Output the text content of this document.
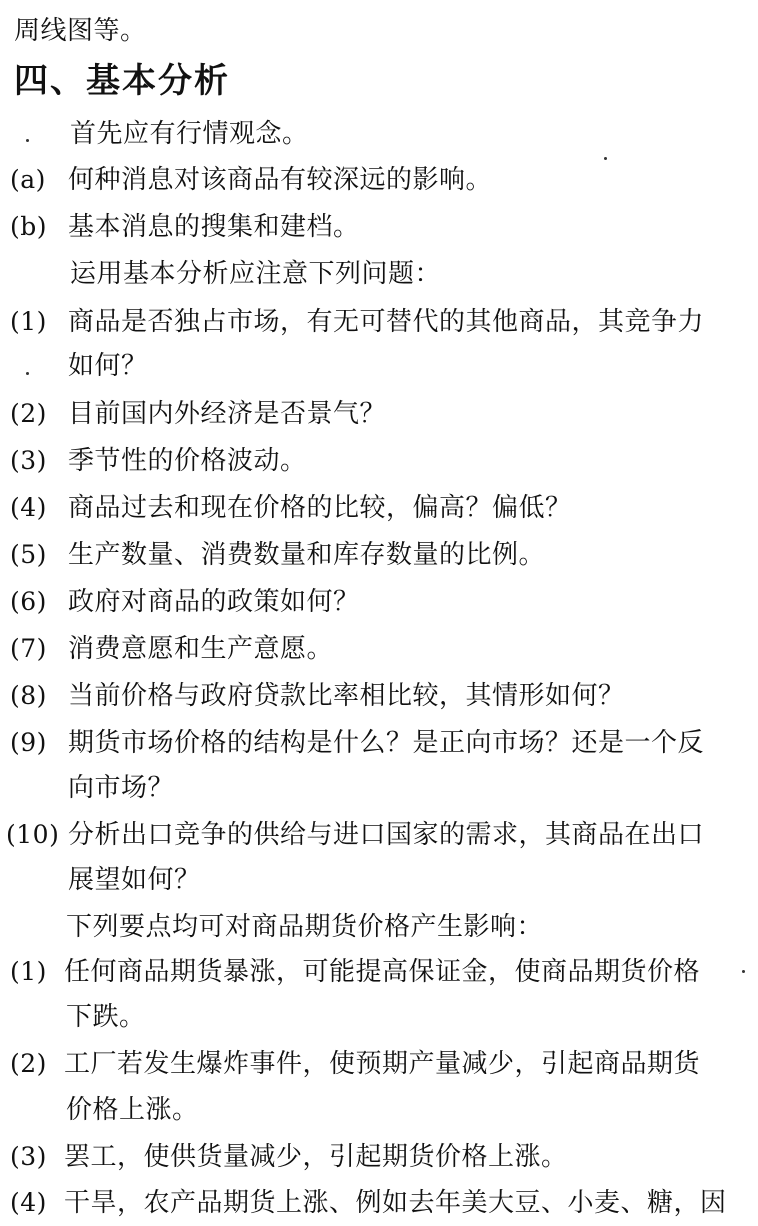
周线图等。
四、基本分析
首先应有行情观念。
(a) 何种消息对该商品有较深远的影响。
(b) 基本消息的搜集和建档。
运用基本分析应注意下列问题：
(1) 商品是否独占市场，有无可替代的其他商品，其竞争力
如何？
(2) 目前国内外经济是否景气？
(3) 季节性的价格波动。
(4) 商品过去和现在价格的比较，偏高？偏低？
(5) 生产数量、消费数量和库存数量的比例。
(6) 政府对商品的政策如何？
(7) 消费意愿和生产意愿。
(8) 当前价格与政府贷款比率相比较，其情形如何？
(9) 期货市场价格的结构是什么？是正向市场？还是一个反
向市场？
(10) 分析出口竞争的供给与进口国家的需求，其商品在出口
展望如何？
下列要点均可对商品期货价格产生影响：
(1) 任何商品期货暴涨，可能提高保证金，使商品期货价格
下跌。
(2) 工厂若发生爆炸事件，使预期产量减少，引起商品期货
价格上涨。
(3) 罢工，使供货量减少，引起期货价格上涨。
(4) 干旱，农产品期货上涨、例如去年美大豆、小麦、糖，因
